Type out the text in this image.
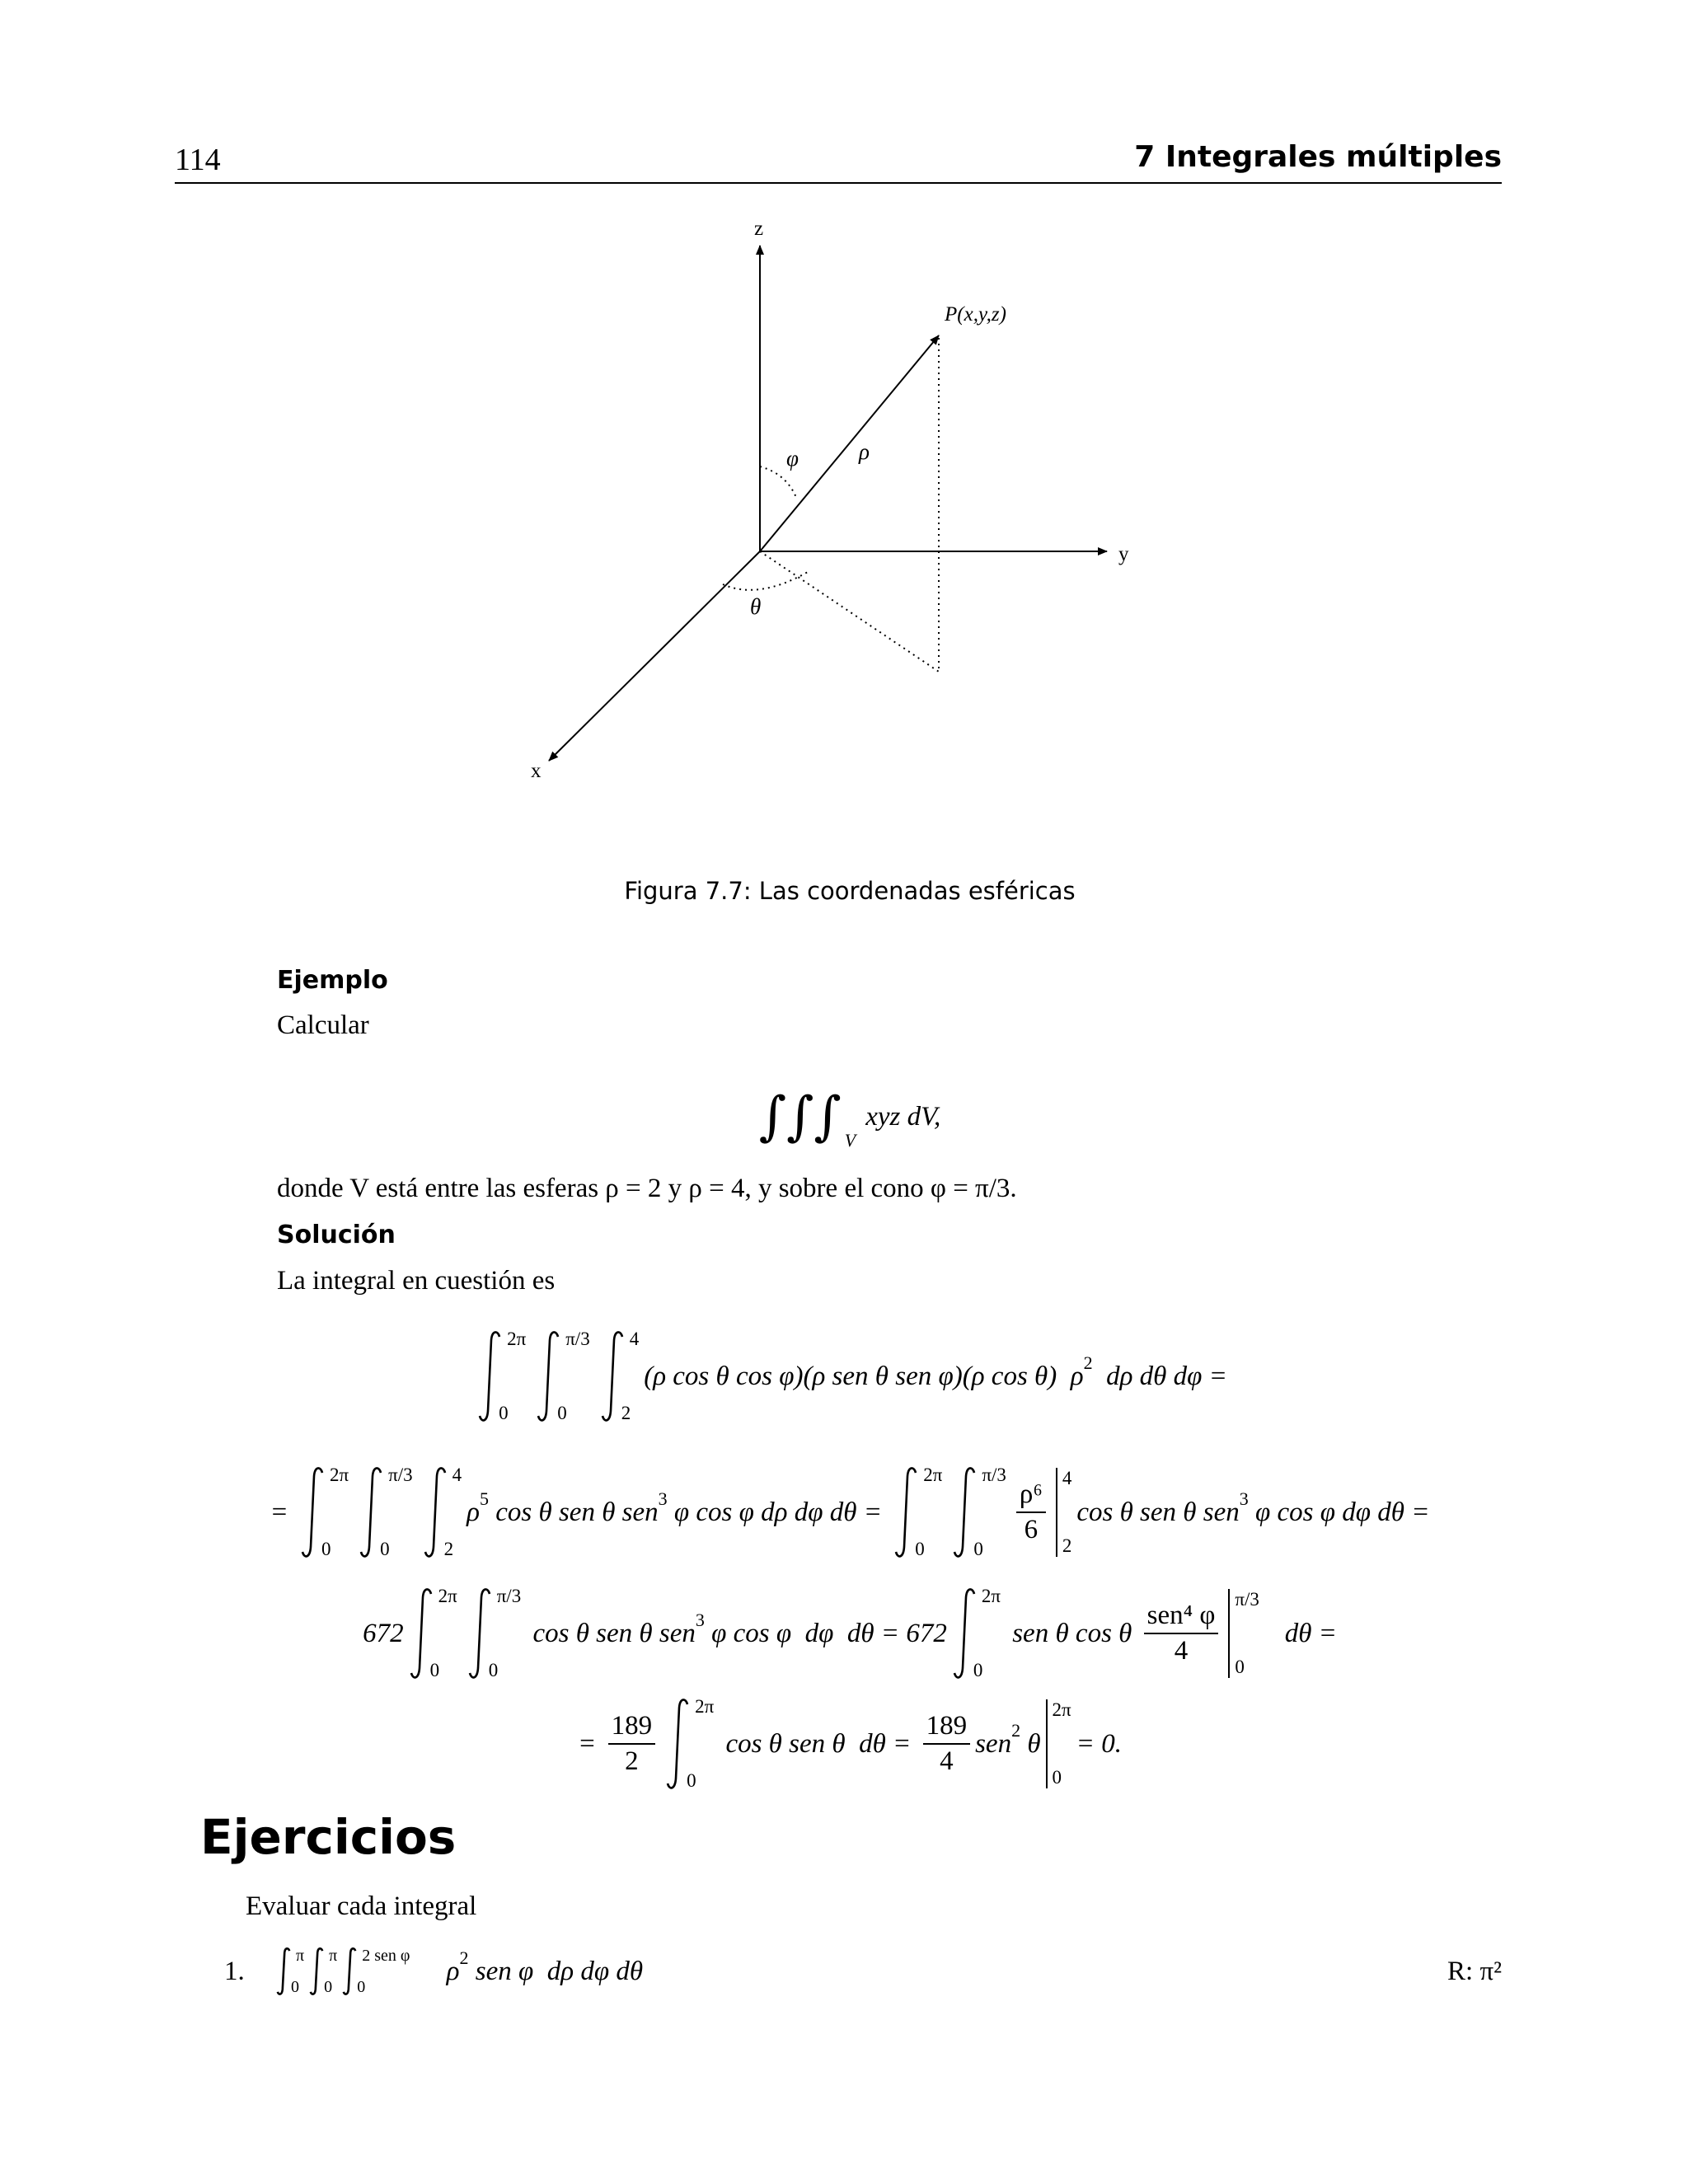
114	7 Integrales múltiples
z
y
x
P(x,y,z)
ρ
φ
θ
Figura 7.7: Las coordenadas esféricas
Ejemplo
Calcular
∫∫∫ V
xyz dV,
donde V está entre las esferas ρ = 2 y ρ = 4, y sobre el cono φ = π/3.
Solución
La integral en cuestión es
2π
0
π/3
0
4
2
(ρ cos θ cos φ)(ρ sen θ sen φ)(ρ cos θ)  ρ 2 dρ dθ dφ =
=
2π
0
π/3
0
4
2
ρ 5 cos θ sen θ sen 3 φ cos φ dρ dφ dθ =
2π
0
π/3
0
$\frac{\text{ρ⁶}}{6}$
4
2
cos θ sen θ sen 3 φ cos φ dφ dθ =
672
2π
0
π/3
0
cos θ sen θ sen 3 φ cos φ  dφ  dθ = 672
2π
0
sen θ cos θ $\frac{\text{sen⁴ φ}}{4}$
π/3
0
dθ =
= $\frac{189}{2}$
2π
0
cos θ sen θ  $d\theta = \frac{189}{4}$ sen 2 θ
2π
0
= 0.
Ejercicios
Evaluar cada integral
1.
π
0
π
0
2 sen φ
0
ρ 2 sen φ  dρ dφ dθ	R: π²
